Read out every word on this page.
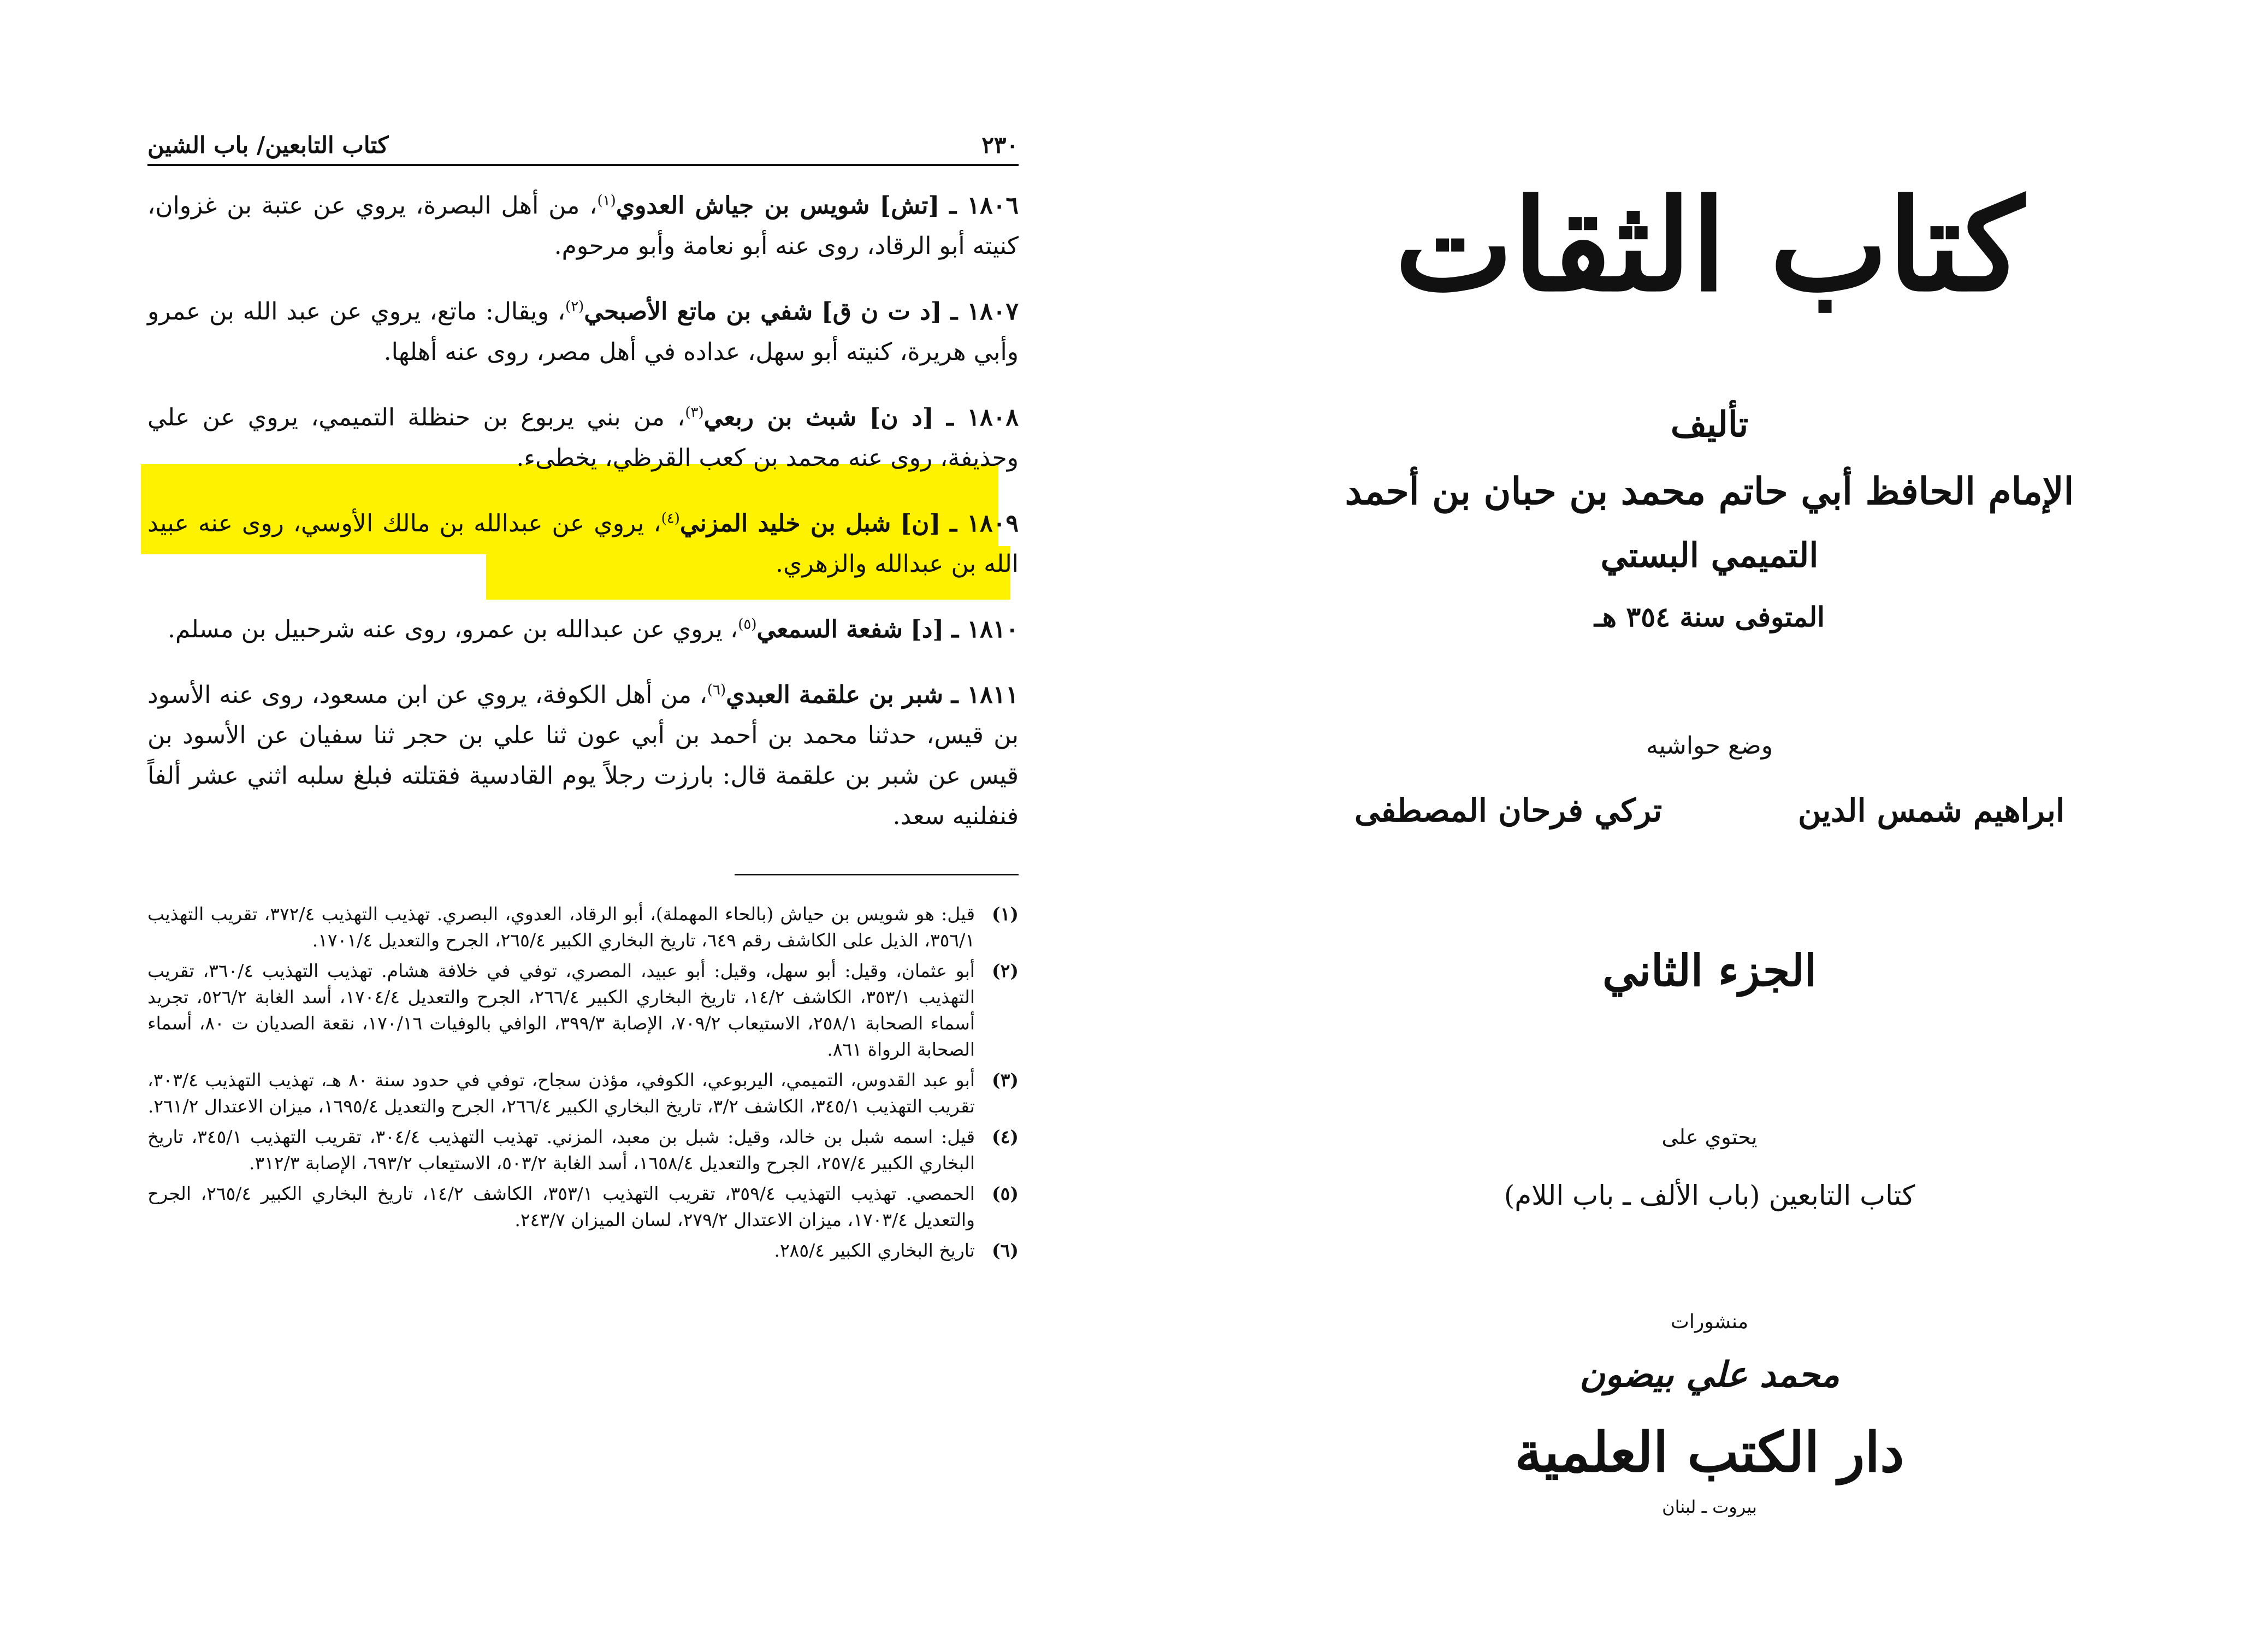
٢٣٠
كتاب التابعين/ باب الشين

١٨٠٦ ـ [تش] شويس بن جياش العدوي$^{(١)}$، من أهل البصرة، يروي عن عتبة بن غزوان، كنيته أبو الرقاد، روى عنه أبو نعامة وأبو مرحوم.

١٨٠٧ ـ [د ت ن ق] شفي بن ماتع الأصبحي$^{(٢)}$، ويقال: ماتع، يروي عن عبد الله بن عمرو وأبي هريرة، كنيته أبو سهل، عداده في أهل مصر، روى عنه أهلها.

١٨٠٨ ـ [د ن] شبث بن ربعي$^{(٣)}$، من بني يربوع بن حنظلة التميمي، يروي عن علي وحذيفة، روى عنه محمد بن كعب القرظي، يخطىء.

١٨٠٩ ـ [ن] شبل بن خليد المزني$^{(٤)}$، يروي عن عبدالله بن مالك الأوسي، روى عنه عبيد الله بن عبدالله والزهري.

١٨١٠ ـ [د] شفعة السمعي$^{(٥)}$، يروي عن عبدالله بن عمرو، روى عنه شرحبيل بن مسلم.

١٨١١ ـ شبر بن علقمة العبدي$^{(٦)}$، من أهل الكوفة، يروي عن ابن مسعود، روى عنه الأسود بن قيس، حدثنا محمد بن أحمد بن أبي عون ثنا علي بن حجر ثنا سفيان عن الأسود بن قيس عن شبر بن علقمة قال: بارزت رجلاً يوم القادسية فقتلته فبلغ سلبه اثني عشر ألفاً فنفلنيه سعد.

(١)
قيل: هو شويس بن حياش (بالحاء المهملة)، أبو الرقاد، العدوي، البصري. تهذيب التهذيب ٣٧٢/٤، تقريب التهذيب ٣٥٦/١، الذيل على الكاشف رقم ٦٤٩، تاريخ البخاري الكبير ٢٦٥/٤، الجرح والتعديل ١٧٠١/٤.
(٢)
أبو عثمان، وقيل: أبو سهل، وقيل: أبو عبيد، المصري، توفي في خلافة هشام. تهذيب التهذيب ٣٦٠/٤، تقريب التهذيب ٣٥٣/١، الكاشف ١٤/٢، تاريخ البخاري الكبير ٢٦٦/٤، الجرح والتعديل ١٧٠٤/٤، أسد الغابة ٥٢٦/٢، تجريد أسماء الصحابة ٢٥٨/١، الاستيعاب ٧٠٩/٢، الإصابة ٣٩٩/٣، الوافي بالوفيات ١٧٠/١٦، نقعة الصديان ت ٨٠، أسماء الصحابة الرواة ٨٦١.
(٣)
أبو عبد القدوس، التميمي، اليربوعي، الكوفي، مؤذن سجاح، توفي في حدود سنة ٨٠ هـ، تهذيب التهذيب ٣٠٣/٤، تقريب التهذيب ٣٤٥/١، الكاشف ٣/٢، تاريخ البخاري الكبير ٢٦٦/٤، الجرح والتعديل ١٦٩٥/٤، ميزان الاعتدال ٢٦١/٢.
(٤)
قيل: اسمه شبل بن خالد، وقيل: شبل بن معبد، المزني. تهذيب التهذيب ٣٠٤/٤، تقريب التهذيب ٣٤٥/١، تاريخ البخاري الكبير ٢٥٧/٤، الجرح والتعديل ١٦٥٨/٤، أسد الغابة ٥٠٣/٢، الاستيعاب ٦٩٣/٢، الإصابة ٣١٢/٣.
(٥)
الحمصي. تهذيب التهذيب ٣٥٩/٤، تقريب التهذيب ٣٥٣/١، الكاشف ١٤/٢، تاريخ البخاري الكبير ٢٦٥/٤، الجرح والتعديل ١٧٠٣/٤، ميزان الاعتدال ٢٧٩/٢، لسان الميزان ٢٤٣/٧.
(٦)
تاريخ البخاري الكبير ٢٨٥/٤.
كتاب الثقات
تأليف
الإمام الحافظ أبي حاتم محمد بن حبان بن أحمد
التميمي البستي
المتوفى سنة ٣٥٤ هـ
وضع حواشيه
ابراهيم شمس الدين
تركي فرحان المصطفى
الجزء الثاني
يحتوي على
كتاب التابعين (باب الألف ـ باب اللام)
منشورات
محمد علي بيضون
دار الكتب العلمية
بيروت ـ لبنان
